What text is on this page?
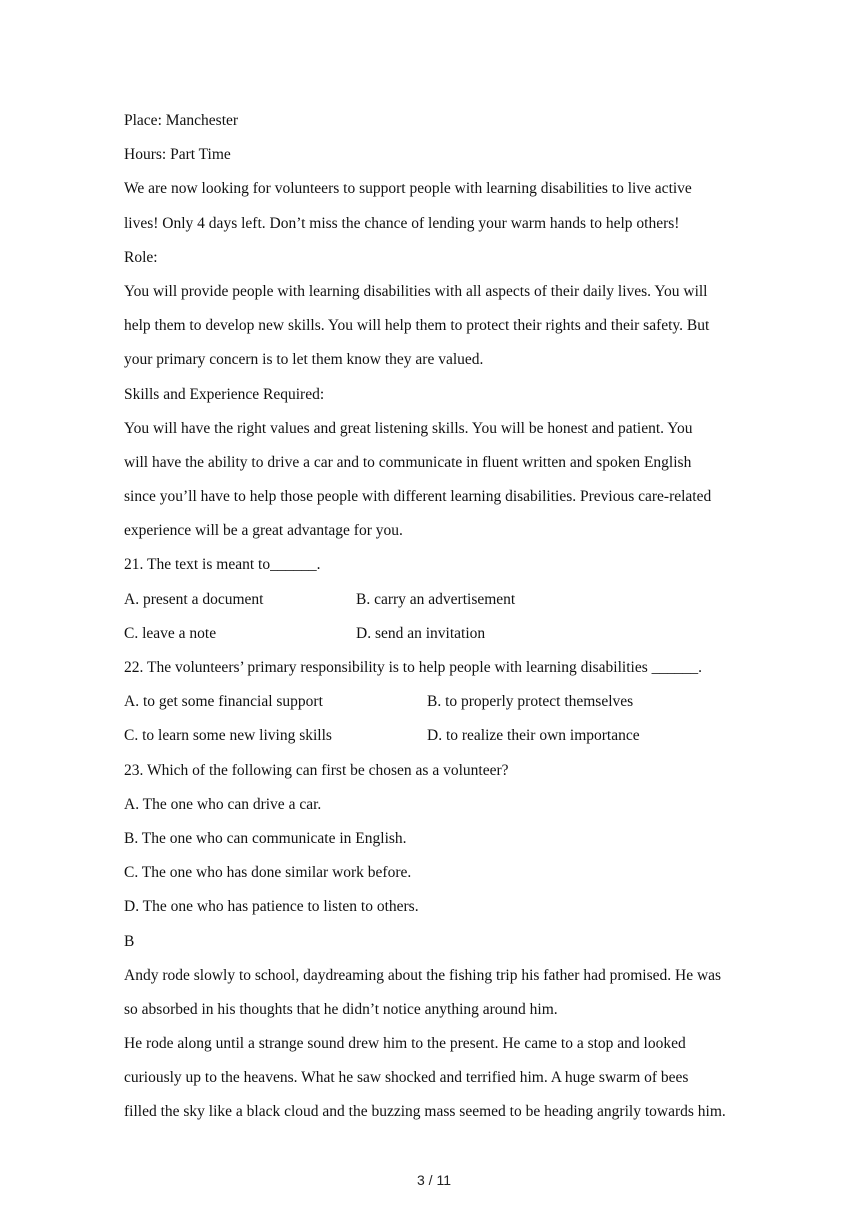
Place: Manchester
Hours: Part Time
We are now looking for volunteers to support people with learning disabilities to live active
lives! Only 4 days left. Don’t miss the chance of lending your warm hands to help others!
Role:
You will provide people with learning disabilities with all aspects of their daily lives. You will
help them to develop new skills. You will help them to protect their rights and their safety. But
your primary concern is to let them know they are valued.
Skills and Experience Required:
You will have the right values and great listening skills. You will be honest and patient. You
will have the ability to drive a car and to communicate in fluent written and spoken English
since you’ll have to help those people with different learning disabilities. Previous care-related
experience will be a great advantage for you.
21. The text is meant to______.
A. present a document	B. carry an advertisement
C. leave a note	D. send an invitation
22. The volunteers’ primary responsibility is to help people with learning disabilities ______.
A. to get some financial support	B. to properly protect themselves
C. to learn some new living skills	D. to realize their own importance
23. Which of the following can first be chosen as a volunteer?
A. The one who can drive a car.
B. The one who can communicate in English.
C. The one who has done similar work before.
D. The one who has patience to listen to others.
B
Andy rode slowly to school, daydreaming about the fishing trip his father had promised. He was
so absorbed in his thoughts that he didn’t notice anything around him.
He rode along until a strange sound drew him to the present. He came to a stop and looked
curiously up to the heavens. What he saw shocked and terrified him. A huge swarm of bees
filled the sky like a black cloud and the buzzing mass seemed to be heading angrily towards him.
3 / 11
